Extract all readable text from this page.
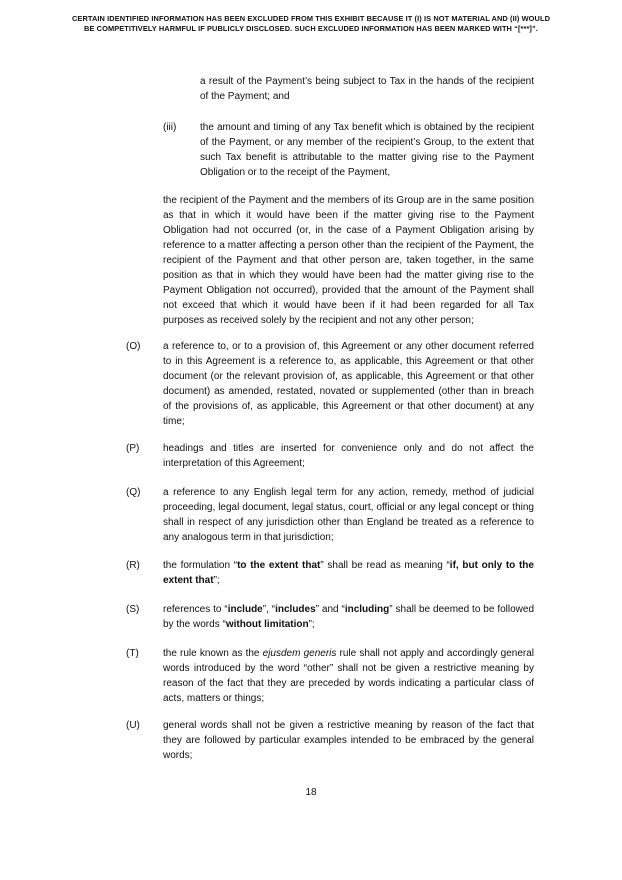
CERTAIN IDENTIFIED INFORMATION HAS BEEN EXCLUDED FROM THIS EXHIBIT BECAUSE IT (I) IS NOT MATERIAL AND (II) WOULD
BE COMPETITIVELY HARMFUL IF PUBLICLY DISCLOSED. SUCH EXCLUDED INFORMATION HAS BEEN MARKED WITH “[***]”.
a result of the Payment’s being subject to Tax in the hands of the recipient of the Payment; and
(iii) the amount and timing of any Tax benefit which is obtained by the recipient of the Payment, or any member of the recipient’s Group, to the extent that such Tax benefit is attributable to the matter giving rise to the Payment Obligation or to the receipt of the Payment,
the recipient of the Payment and the members of its Group are in the same position as that in which it would have been if the matter giving rise to the Payment Obligation had not occurred (or, in the case of a Payment Obligation arising by reference to a matter affecting a person other than the recipient of the Payment, the recipient of the Payment and that other person are, taken together, in the same position as that in which they would have been had the matter giving rise to the Payment Obligation not occurred), provided that the amount of the Payment shall not exceed that which it would have been if it had been regarded for all Tax purposes as received solely by the recipient and not any other person;
(O) a reference to, or to a provision of, this Agreement or any other document referred to in this Agreement is a reference to, as applicable, this Agreement or that other document (or the relevant provision of, as applicable, this Agreement or that other document) as amended, restated, novated or supplemented (other than in breach of the provisions of, as applicable, this Agreement or that other document) at any time;
(P) headings and titles are inserted for convenience only and do not affect the interpretation of this Agreement;
(Q) a reference to any English legal term for any action, remedy, method of judicial proceeding, legal document, legal status, court, official or any legal concept or thing shall in respect of any jurisdiction other than England be treated as a reference to any analogous term in that jurisdiction;
(R) the formulation “to the extent that” shall be read as meaning “if, but only to the extent that”;
(S) references to “include”, “includes” and “including” shall be deemed to be followed by the words “without limitation”;
(T) the rule known as the ejusdem generis rule shall not apply and accordingly general words introduced by the word “other” shall not be given a restrictive meaning by reason of the fact that they are preceded by words indicating a particular class of acts, matters or things;
(U) general words shall not be given a restrictive meaning by reason of the fact that they are followed by particular examples intended to be embraced by the general words;
18
